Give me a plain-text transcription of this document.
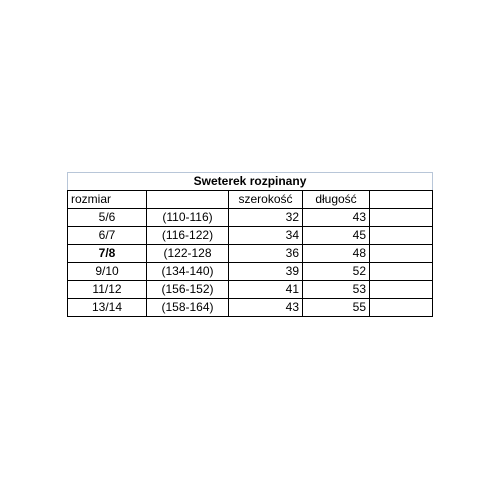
Sweterek rozpinany				
rozmiar		szerokość	długość	
5/6	(110-116)	32	43	
6/7	(116-122)	34	45	
7/8	(122-128	36	48	
9/10	(134-140)	39	52	
11/12	(156-152)	41	53	
13/14	(158-164)	43	55	
